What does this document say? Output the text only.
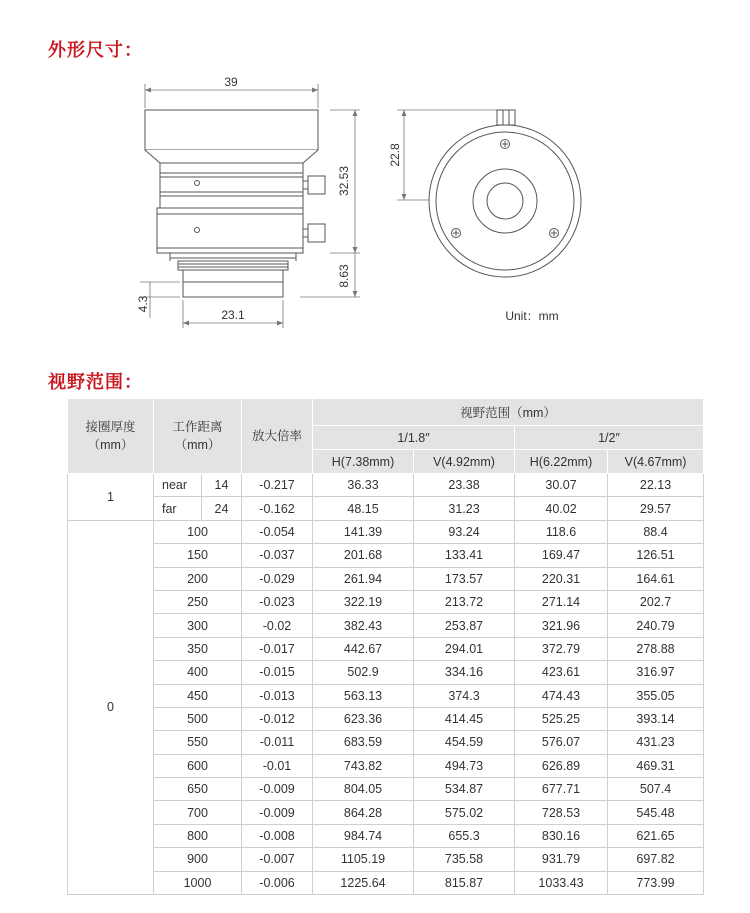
外形尺寸：
39
32.53
8.63
4.3
23.1
22.8
Unit：mm
视野范围：
接圈厚度（mm）	工作距离（mm）		放大倍率	视野范围（mm）			
				1/1.8″		1/2″	
				H(7.38mm)	V(4.92mm)	H(6.22mm)	V(4.67mm)
1	near	14	-0.217	36.33	23.38	30.07	22.13
	far	24	-0.162	48.15	31.23	40.02	29.57
0	100		-0.054	141.39	93.24	118.6	88.4
	150		-0.037	201.68	133.41	169.47	126.51
	200		-0.029	261.94	173.57	220.31	164.61
	250		-0.023	322.19	213.72	271.14	202.7
	300		-0.02	382.43	253.87	321.96	240.79
	350		-0.017	442.67	294.01	372.79	278.88
	400		-0.015	502.9	334.16	423.61	316.97
	450		-0.013	563.13	374.3	474.43	355.05
	500		-0.012	623.36	414.45	525.25	393.14
	550		-0.011	683.59	454.59	576.07	431.23
	600		-0.01	743.82	494.73	626.89	469.31
	650		-0.009	804.05	534.87	677.71	507.4
	700		-0.009	864.28	575.02	728.53	545.48
	800		-0.008	984.74	655.3	830.16	621.65
	900		-0.007	1105.19	735.58	931.79	697.82
	1000		-0.006	1225.64	815.87	1033.43	773.99
